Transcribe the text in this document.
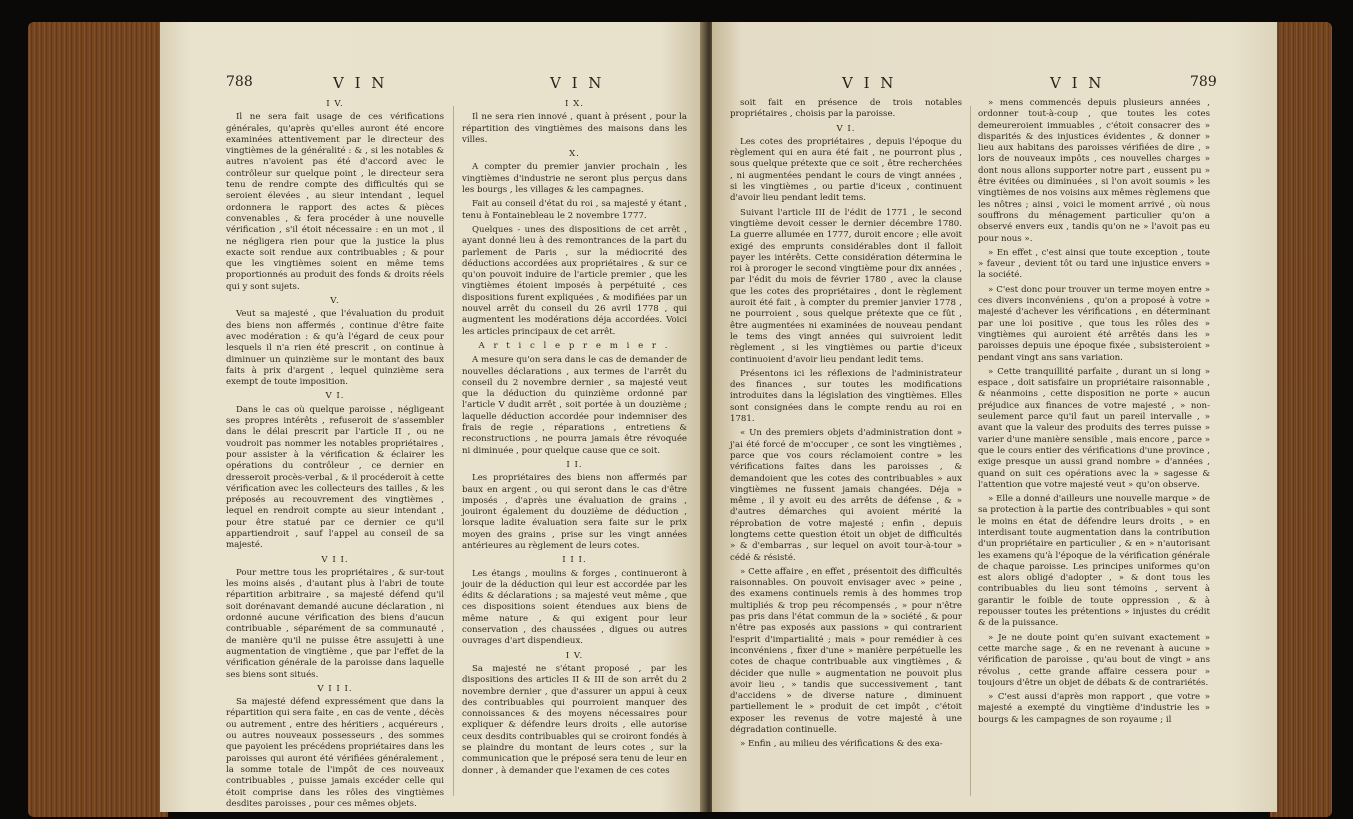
788	V I N	V I N

I V.

Il ne sera fait usage de ces vérifications générales, qu'après qu'elles auront été encore examinées attentivement par le directeur des vingtièmes de la généralité : & , si les notables & autres n'avoient pas été d'accord avec le contrôleur sur quelque point , le directeur sera tenu de rendre compte des difficultés qui se seroient élevées , au sieur intendant , lequel ordonnera le rapport des actes & pièces convenables , & fera procéder à une nouvelle vérification , s'il étoit nécessaire : en un mot , il ne négligera rien pour que la justice la plus exacte soit rendue aux contribuables ; & pour que les vingtièmes soient en même tems proportionnés au produit des fonds & droits réels qui y sont sujets.

V.

Veut sa majesté , que l'évaluation du produit des biens non affermés , continue d'être faite avec modération : & qu'à l'égard de ceux pour lesquels il n'a rien été prescrit , on continue à diminuer un quinzième sur le montant des baux faits à prix d'argent , lequel quinzième sera exempt de toute imposition.

V I.

Dans le cas où quelque paroisse , négligeant ses propres intérêts , refuseroit de s'assembler dans le délai prescrit par l'article II , ou ne voudroit pas nommer les notables propriétaires , pour assister à la vérification & éclairer les opérations du contrôleur , ce dernier en dresseroit procès-verbal , & il procéderoit à cette vérification avec les collecteurs des tailles , & les préposés au recouvrement des vingtièmes , lequel en rendroit compte au sieur intendant , pour être statué par ce dernier ce qu'il appartiendroit , sauf l'appel au conseil de sa majesté.

V I I.

Pour mettre tous les propriétaires , & sur-tout les moins aisés , d'autant plus à l'abri de toute répartition arbitraire , sa majesté défend qu'il soit dorénavant demandé aucune déclaration , ni ordonné aucune vérification des biens d'aucun contribuable , séparément de sa communauté , de manière qu'il ne puisse être assujetti à une augmentation de vingtième , que par l'effet de la vérification générale de la paroisse dans laquelle ses biens sont situés.

V I I I.

Sa majesté défend expressément que dans la répartition qui sera faite , en cas de vente , décès ou autrement , entre des héritiers , acquéreurs , ou autres nouveaux possesseurs , des sommes que payoient les précédens propriétaires dans les paroisses qui auront été vérifiées généralement , la somme totale de l'impôt de ces nouveaux contribuables , puisse jamais excéder celle qui étoit comprise dans les rôles des vingtièmes desdites paroisses , pour ces mêmes objets.

I X.

Il ne sera rien innové , quant à présent , pour la répartition des vingtièmes des maisons dans les villes.

X.

A compter du premier janvier prochain , les vingtièmes d'industrie ne seront plus perçus dans les bourgs , les villages & les campagnes.

Fait au conseil d'état du roi , sa majesté y étant , tenu à Fontainebleau le 2 novembre 1777.

Quelques - unes des dispositions de cet arrêt , ayant donné lieu à des remontrances de la part du parlement de Paris , sur la médiocrité des déductions accordées aux propriétaires , & sur ce qu'on pouvoit induire de l'article premier , que les vingtièmes étoient imposés à perpétuité , ces dispositions furent expliquées , & modifiées par un nouvel arrêt du conseil du 26 avril 1778 , qui augmentent les modérations déja accordées. Voici les articles principaux de cet arrêt.

A r t i c l e p r e m i e r .

A mesure qu'on sera dans le cas de demander de nouvelles déclarations , aux termes de l'arrêt du conseil du 2 novembre dernier , sa majesté veut que la déduction du quinzième ordonné par l'article V dudit arrêt , soit portée à un douzième ; laquelle déduction accordée pour indemniser des frais de regie , réparations , entretiens & reconstructions , ne pourra jamais être révoquée ni diminuée , pour quelque cause que ce soit.

I I.

Les propriétaires des biens non affermés par baux en argent , ou qui seront dans le cas d'être imposés , d'après une évaluation de grains , jouiront également du douzième de déduction , lorsque ladite évaluation sera faite sur le prix moyen des grains , prise sur les vingt années antérieures au règlement de leurs cotes.

I I I.

Les étangs , moulins & forges , continueront à jouir de la déduction qui leur est accordée par les édits & déclarations ; sa majesté veut même , que ces dispositions soient étendues aux biens de même nature , & qui exigent pour leur conservation , des chaussées , digues ou autres ouvrages d'art dispendieux.

I V.

Sa majesté ne s'étant proposé , par les dispositions des articles II & III de son arrêt du 2 novembre dernier , que d'assurer un appui à ceux des contribuables qui pourroient manquer des connoissances & des moyens nécessaires pour expliquer & défendre leurs droits , elle autorise ceux desdits contribuables qui se croiront fondés à se plaindre du montant de leurs cotes , sur la communication que le préposé sera tenu de leur en donner , à demander que l'examen de ces cotes

V I N	V I N	789

soit fait en présence de trois notables propriétaires , choisis par la paroisse.

V I.

Les cotes des propriétaires , depuis l'époque du règlement qui en aura été fait , ne pourront plus , sous quelque prétexte que ce soit , être recherchées , ni augmentées pendant le cours de vingt années , si les vingtièmes , ou partie d'iceux , continuent d'avoir lieu pendant ledit tems.

Suivant l'article III de l'édit de 1771 , le second vingtième devoit cesser le dernier décembre 1780. La guerre allumée en 1777, duroit encore ; elle avoit exigé des emprunts considérables dont il falloit payer les intérêts. Cette considération détermina le roi à proroger le second vingtième pour dix années , par l'édit du mois de février 1780 , avec la clause que les cotes des propriétaires , dont le règlement auroit été fait , à compter du premier janvier 1778 , ne pourroient , sous quelque prétexte que ce fût , être augmentées ni examinées de nouveau pendant le tems des vingt années qui suivroient ledit règlement , si les vingtièmes ou partie d'iceux continuoient d'avoir lieu pendant ledit tems.

Présentons ici les réflexions de l'administrateur des finances , sur toutes les modifications introduites dans la législation des vingtièmes. Elles sont consignées dans le compte rendu au roi en 1781.

« Un des premiers objets d'administration dont » j'ai été forcé de m'occuper , ce sont les vingtièmes , parce que vos cours réclamoient contre » les vérifications faites dans les paroisses , & demandoient que les cotes des contribuables » aux vingtièmes ne fussent jamais changées. Déja » même , il y avoit eu des arrêts de défense , & » d'autres démarches qui avoient mérité la réprobation de votre majesté ; enfin , depuis longtems cette question étoit un objet de difficultés » & d'embarras , sur lequel on avoit tour-à-tour » cédé & résisté.

» Cette affaire , en effet , présentoit des difficultés raisonnables. On pouvoit envisager avec » peine , des examens continuels remis à des hommes trop multipliés & trop peu récompensés , » pour n'être pas pris dans l'état commun de la » société , & pour n'être pas exposés aux passions » qui contrarient l'esprit d'impartialité ; mais » pour remédier à ces inconvéniens , fixer d'une » manière perpétuelle les cotes de chaque contribuable aux vingtièmes , & décider que nulle » augmentation ne pouvoit plus avoir lieu , » tandis que successivement , tant d'accidens » de diverse nature , diminuent partiellement le » produit de cet impôt , c'étoit exposer les revenus de votre majesté à une dégradation continuelle.

» Enfin , au milieu des vérifications & des exa-

» mens commencés depuis plusieurs années , ordonner tout-à-coup , que toutes les cotes demeureroient immuables , c'étoit consacrer des » disparités & des injustices évidentes , & donner » lieu aux habitans des paroisses vérifiées de dire , » lors de nouveaux impôts , ces nouvelles charges » dont nous allons supporter notre part , eussent pu » être évitées ou diminuées , si l'on avoit soumis » les vingtièmes de nos voisins aux mêmes règlemens que les nôtres ; ainsi , voici le moment arrivé , où nous souffrons du ménagement particulier qu'on a observé envers eux , tandis qu'on ne » l'avoit pas eu pour nous ».

» En effet , c'est ainsi que toute exception , toute » faveur , devient tôt ou tard une injustice envers » la société.

» C'est donc pour trouver un terme moyen entre » ces divers inconvéniens , qu'on a proposé à votre » majesté d'achever les vérifications , en déterminant par une loi positive , que tous les rôles des » vingtièmes qui auroient été arrêtés dans les » paroisses depuis une époque fixée , subsisteroient » pendant vingt ans sans variation.

» Cette tranquillité parfaite , durant un si long » espace , doit satisfaire un propriétaire raisonnable , & néanmoins , cette disposition ne porte » aucun préjudice aux finances de votre majesté , » non-seulement parce qu'il faut un pareil intervalle , » avant que la valeur des produits des terres puisse » varier d'une manière sensible , mais encore , parce » que le cours entier des vérifications d'une province , exige presque un aussi grand nombre » d'années , quand on suit ces opérations avec la » sagesse & l'attention que votre majesté veut » qu'on observe.

» Elle a donné d'ailleurs une nouvelle marque » de sa protection à la partie des contribuables » qui sont le moins en état de défendre leurs droits , » en interdisant toute augmentation dans la contribution d'un propriétaire en particulier , & en » n'autorisant les examens qu'à l'époque de la vérification générale de chaque paroisse. Les principes uniformes qu'on est alors obligé d'adopter , » & dont tous les contribuables du lieu sont témoins , servent à garantir le foible de toute oppression , & à repousser toutes les prétentions » injustes du crédit & de la puissance.

» Je ne doute point qu'en suivant exactement » cette marche sage , & en ne revenant à aucune » vérification de paroisse , qu'au bout de vingt » ans révolus , cette grande affaire cessera pour » toujours d'être un objet de débats & de contrariétés.

» C'est aussi d'après mon rapport , que votre » majesté a exempté du vingtième d'industrie les » bourgs & les campagnes de son royaume ; il
